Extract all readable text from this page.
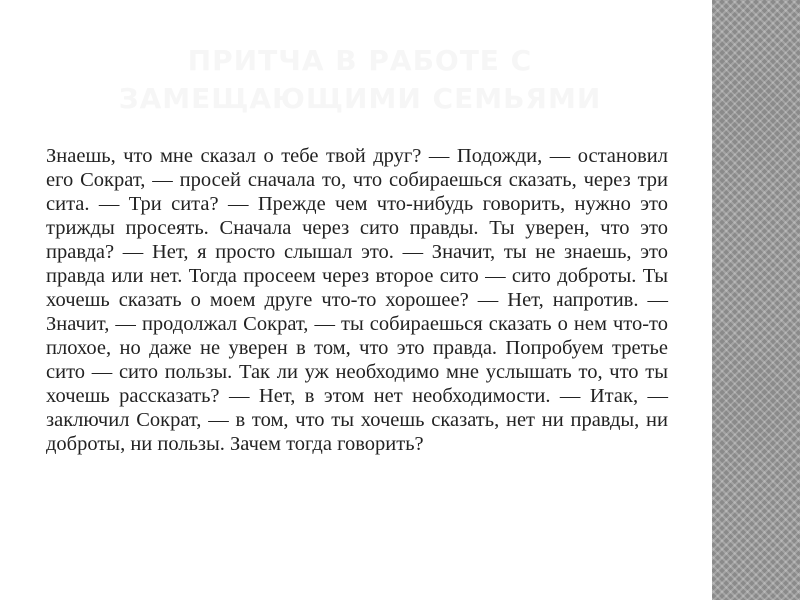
ПРИТЧА В РАБОТЕ С ЗАМЕЩАЮЩИМИ СЕМЬЯМИ

Знаешь, что мне сказал о тебе твой друг? — Подожди, — остановил его Сократ, — просей сначала то, что собираешься сказать, через три сита. — Три сита? — Прежде чем что-нибудь говорить, нужно это трижды просеять. Сначала через сито правды. Ты уверен, что это правда? — Нет, я просто слышал это. — Значит, ты не знаешь, это правда или нет. Тогда просеем через второе сито — сито доброты. Ты хочешь сказать о моем друге что-то хорошее? — Нет, напротив. — Значит, — продолжал Сократ, — ты собираешься сказать о нем что-то плохое, но даже не уверен в том, что это правда. Попробуем третье сито — сито пользы. Так ли уж необходимо мне услышать то, что ты хочешь рассказать? — Нет, в этом нет необходимости. — Итак, — заключил Сократ, — в том, что ты хочешь сказать, нет ни правды, ни доброты, ни пользы. Зачем тогда говорить?
